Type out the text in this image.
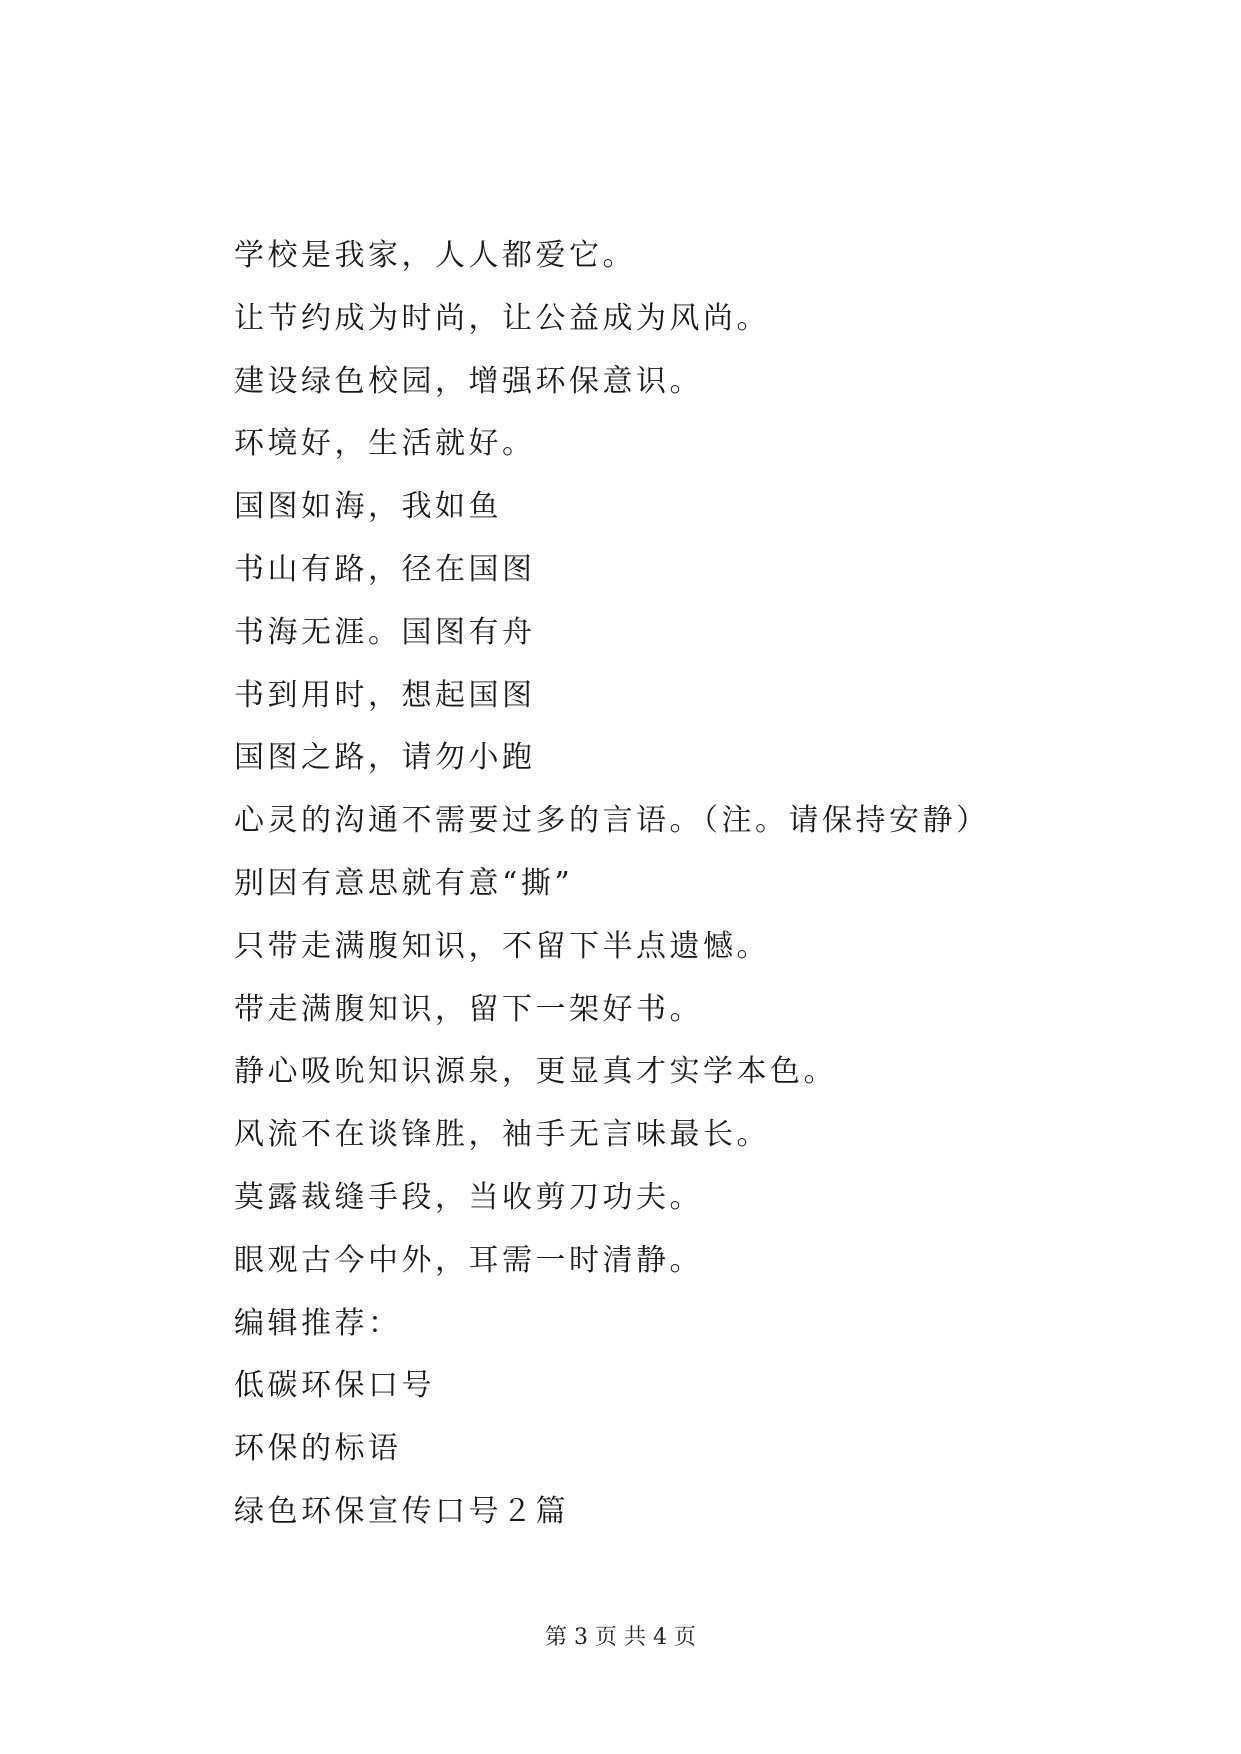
学校是我家，人人都爱它。
让节约成为时尚，让公益成为风尚。
建设绿色校园，增强环保意识。
环境好，生活就好。
国图如海，我如鱼
书山有路，径在国图
书海无涯。国图有舟
书到用时，想起国图
国图之路，请勿小跑
心灵的沟通不需要过多的言语。（注。请保持安静）
别因有意思就有意“撕”
只带走满腹知识，不留下半点遗憾。
带走满腹知识，留下一架好书。
静心吸吮知识源泉，更显真才实学本色。
风流不在谈锋胜，袖手无言味最长。
莫露裁缝手段，当收剪刀功夫。
眼观古今中外，耳需一时清静。
编辑推荐：
低碳环保口号
环保的标语
绿色环保宣传口号２篇
第 3 页 共 4 页
